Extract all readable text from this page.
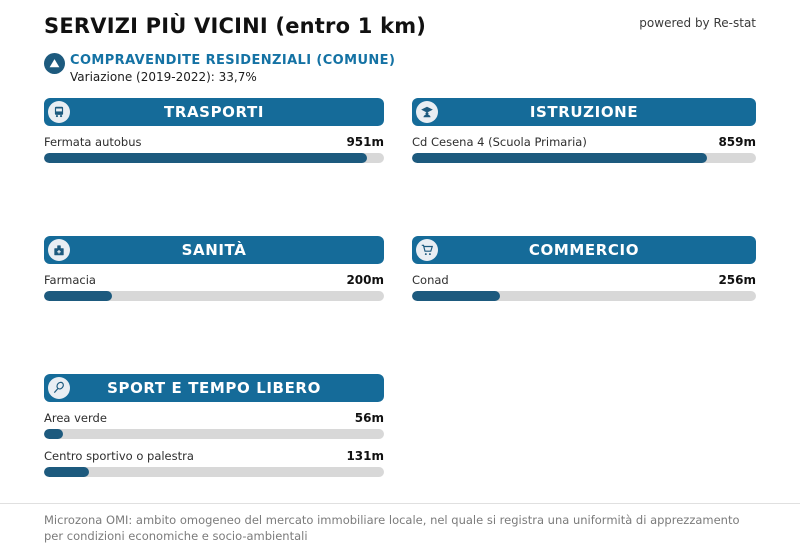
SERVIZI PIÙ VICINI (entro 1 km)	powered by Re-stat
COMPRAVENDITE RESIDENZIALI (COMUNE)
Variazione (2019-2022): 33,7%
TRASPORTI
Fermata autobus	951m
ISTRUZIONE
Cd Cesena 4 (Scuola Primaria)	859m
SANITÀ
Farmacia	200m
COMMERCIO
Conad	256m
SPORT E TEMPO LIBERO
Area verde	56m
Centro sportivo o palestra	131m
Microzona OMI: ambito omogeneo del mercato immobiliare locale, nel quale si registra una uniformità di apprezzamento per condizioni economiche e socio-ambientali
